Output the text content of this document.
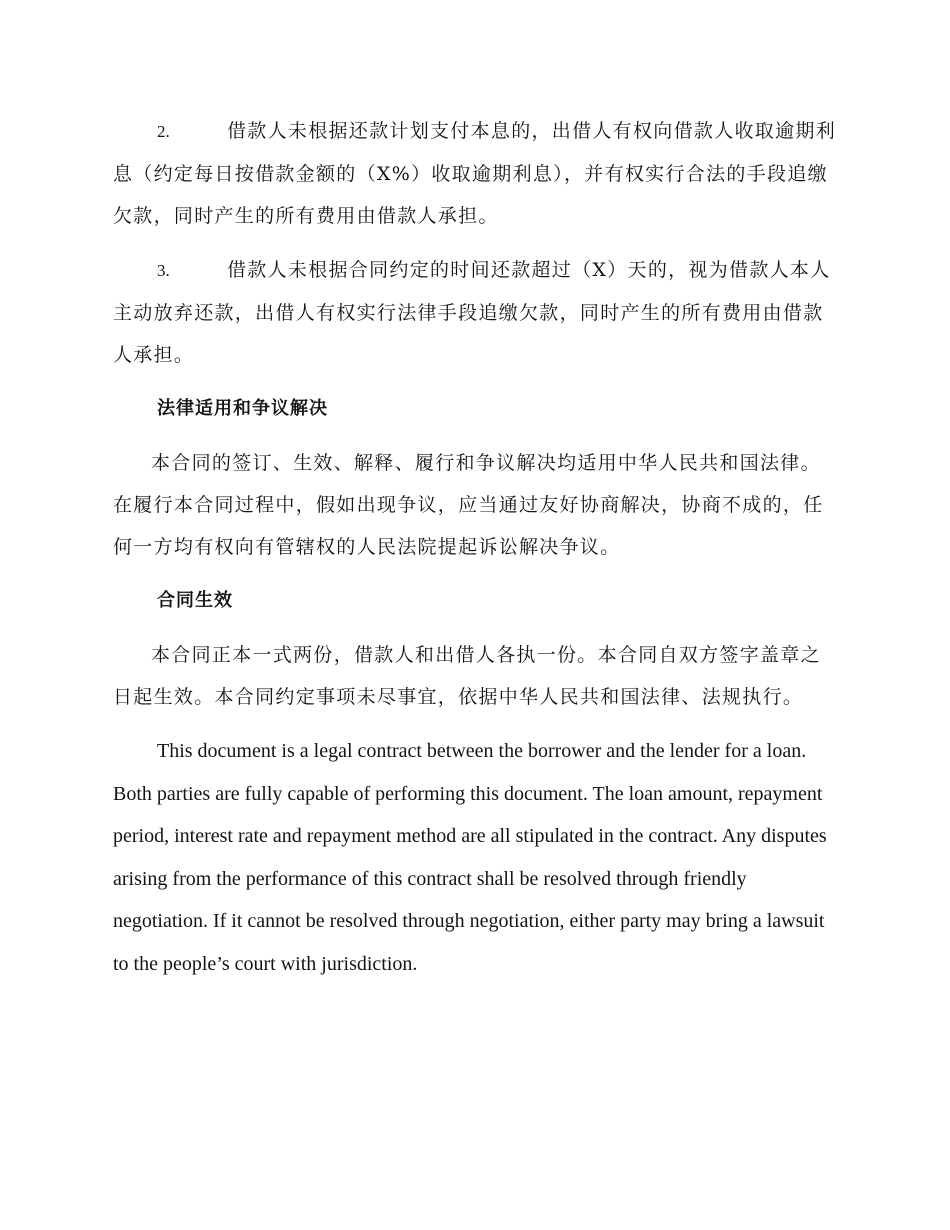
2.	借款人未根据还款计划支付本息的，出借人有权向借款人收取逾期利息（约定每日按借款金额的（X%）收取逾期利息），并有权实行合法的手段追缴欠款，同时产生的所有费用由借款人承担。

3.	借款人未根据合同约定的时间还款超过（X）天的，视为借款人本人主动放弃还款，出借人有权实行法律手段追缴欠款，同时产生的所有费用由借款人承担。

法律适用和争议解决

本合同的签订、生效、解释、履行和争议解决均适用中华人民共和国法律。在履行本合同过程中，假如出现争议，应当通过友好协商解决，协商不成的，任何一方均有权向有管辖权的人民法院提起诉讼解决争议。

合同生效

本合同正本一式两份，借款人和出借人各执一份。本合同自双方签字盖章之日起生效。本合同约定事项未尽事宜，依据中华人民共和国法律、法规执行。

This document is a legal contract between the borrower and the lender for a loan. Both parties are fully capable of performing this document. The loan amount, repayment period, interest rate and repayment method are all stipulated in the contract. Any disputes arising from the performance of this contract shall be resolved through friendly negotiation. If it cannot be resolved through negotiation, either party may bring a lawsuit to the people’s court with jurisdiction.
